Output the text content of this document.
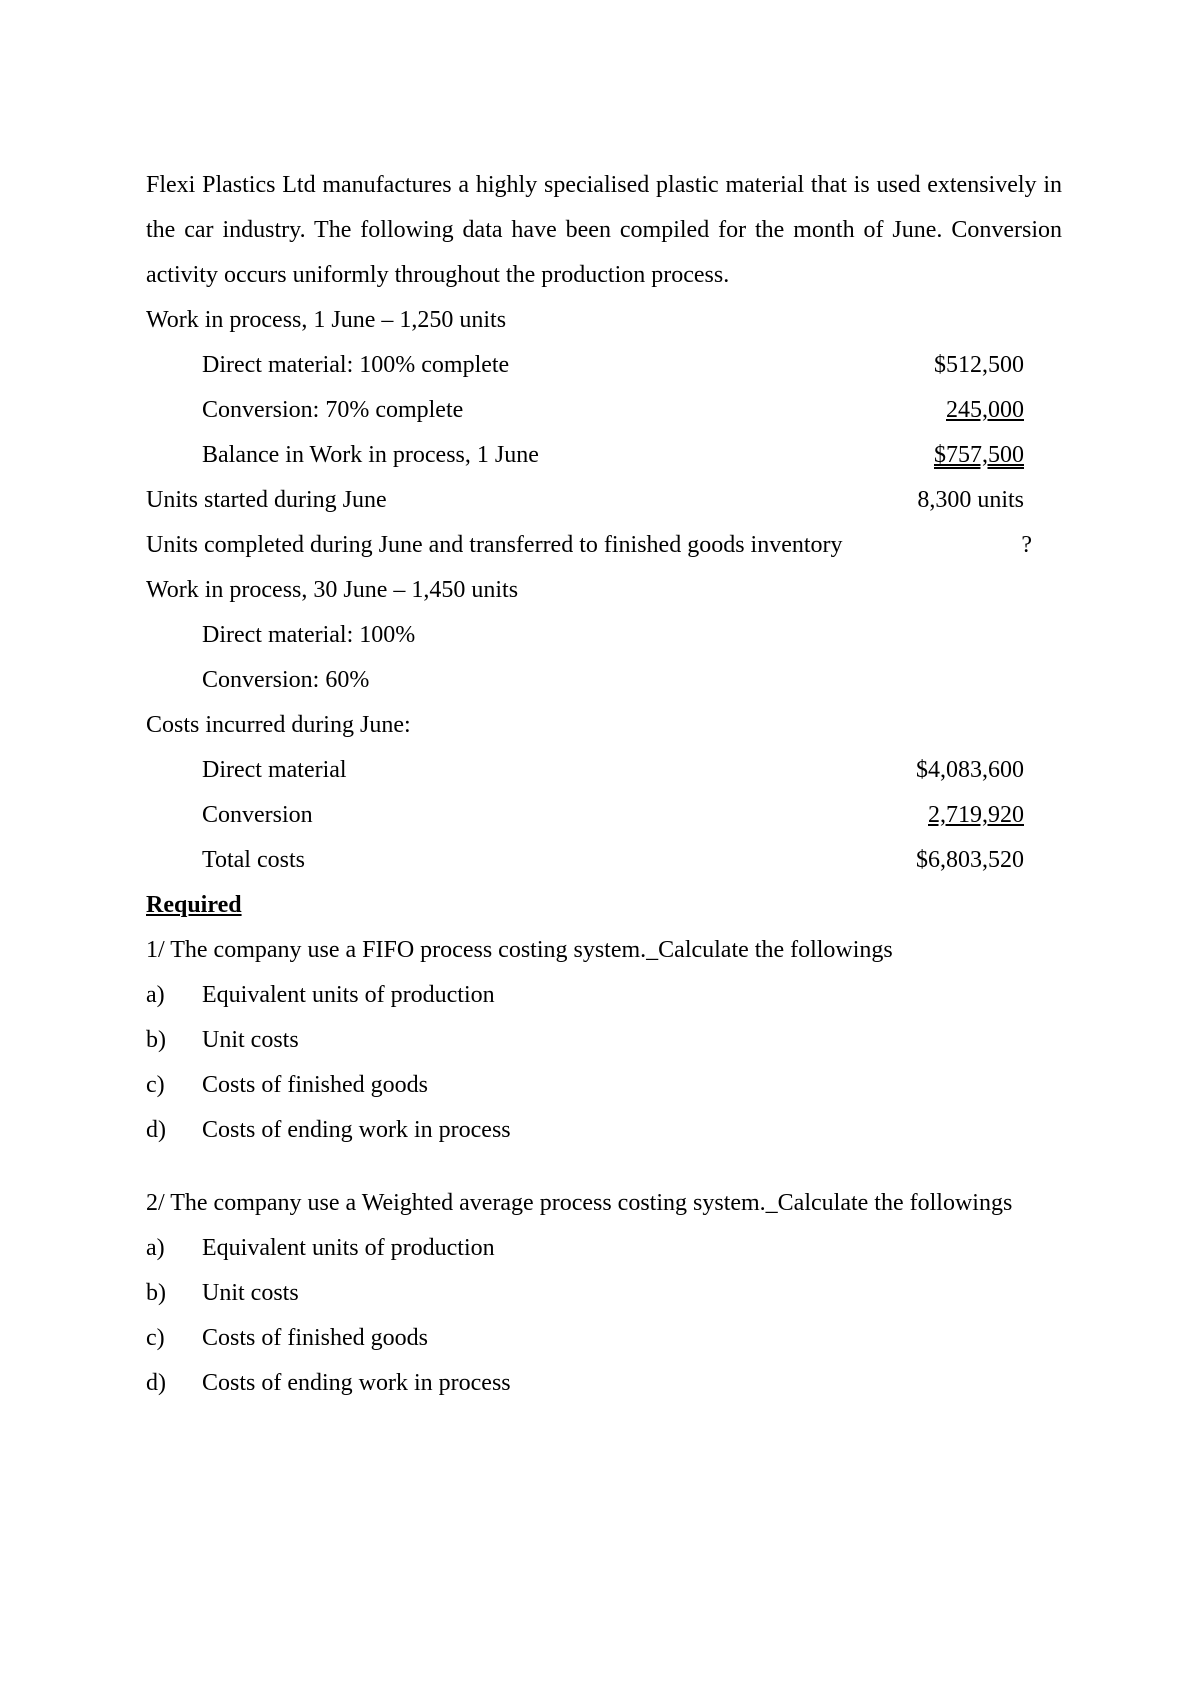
Flexi Plastics Ltd manufactures a highly specialised plastic material that is used extensively in the car industry. The following data have been compiled for the month of June. Conversion activity occurs uniformly throughout the production process.

Work in process, 1 June – 1,250 units
Direct material: 100% complete	$512,500
Conversion: 70% complete	245,000
Balance in Work in process, 1 June	$757,500
Units started during June	8,300 units
Units completed during June and transferred to finished goods inventory	?
Work in process, 30 June – 1,450 units
Direct material: 100%
Conversion: 60%
Costs incurred during June:
Direct material	$4,083,600
Conversion	2,719,920
Total costs	$6,803,520
Required
1/ The company use a FIFO process costing system._Calculate the followings
a) Equivalent units of production
b) Unit costs
c) Costs of finished goods
d) Costs of ending work in process

2/ The company use a Weighted average process costing system._Calculate the followings

a) Equivalent units of production
b) Unit costs
c) Costs of finished goods
d) Costs of ending work in process
